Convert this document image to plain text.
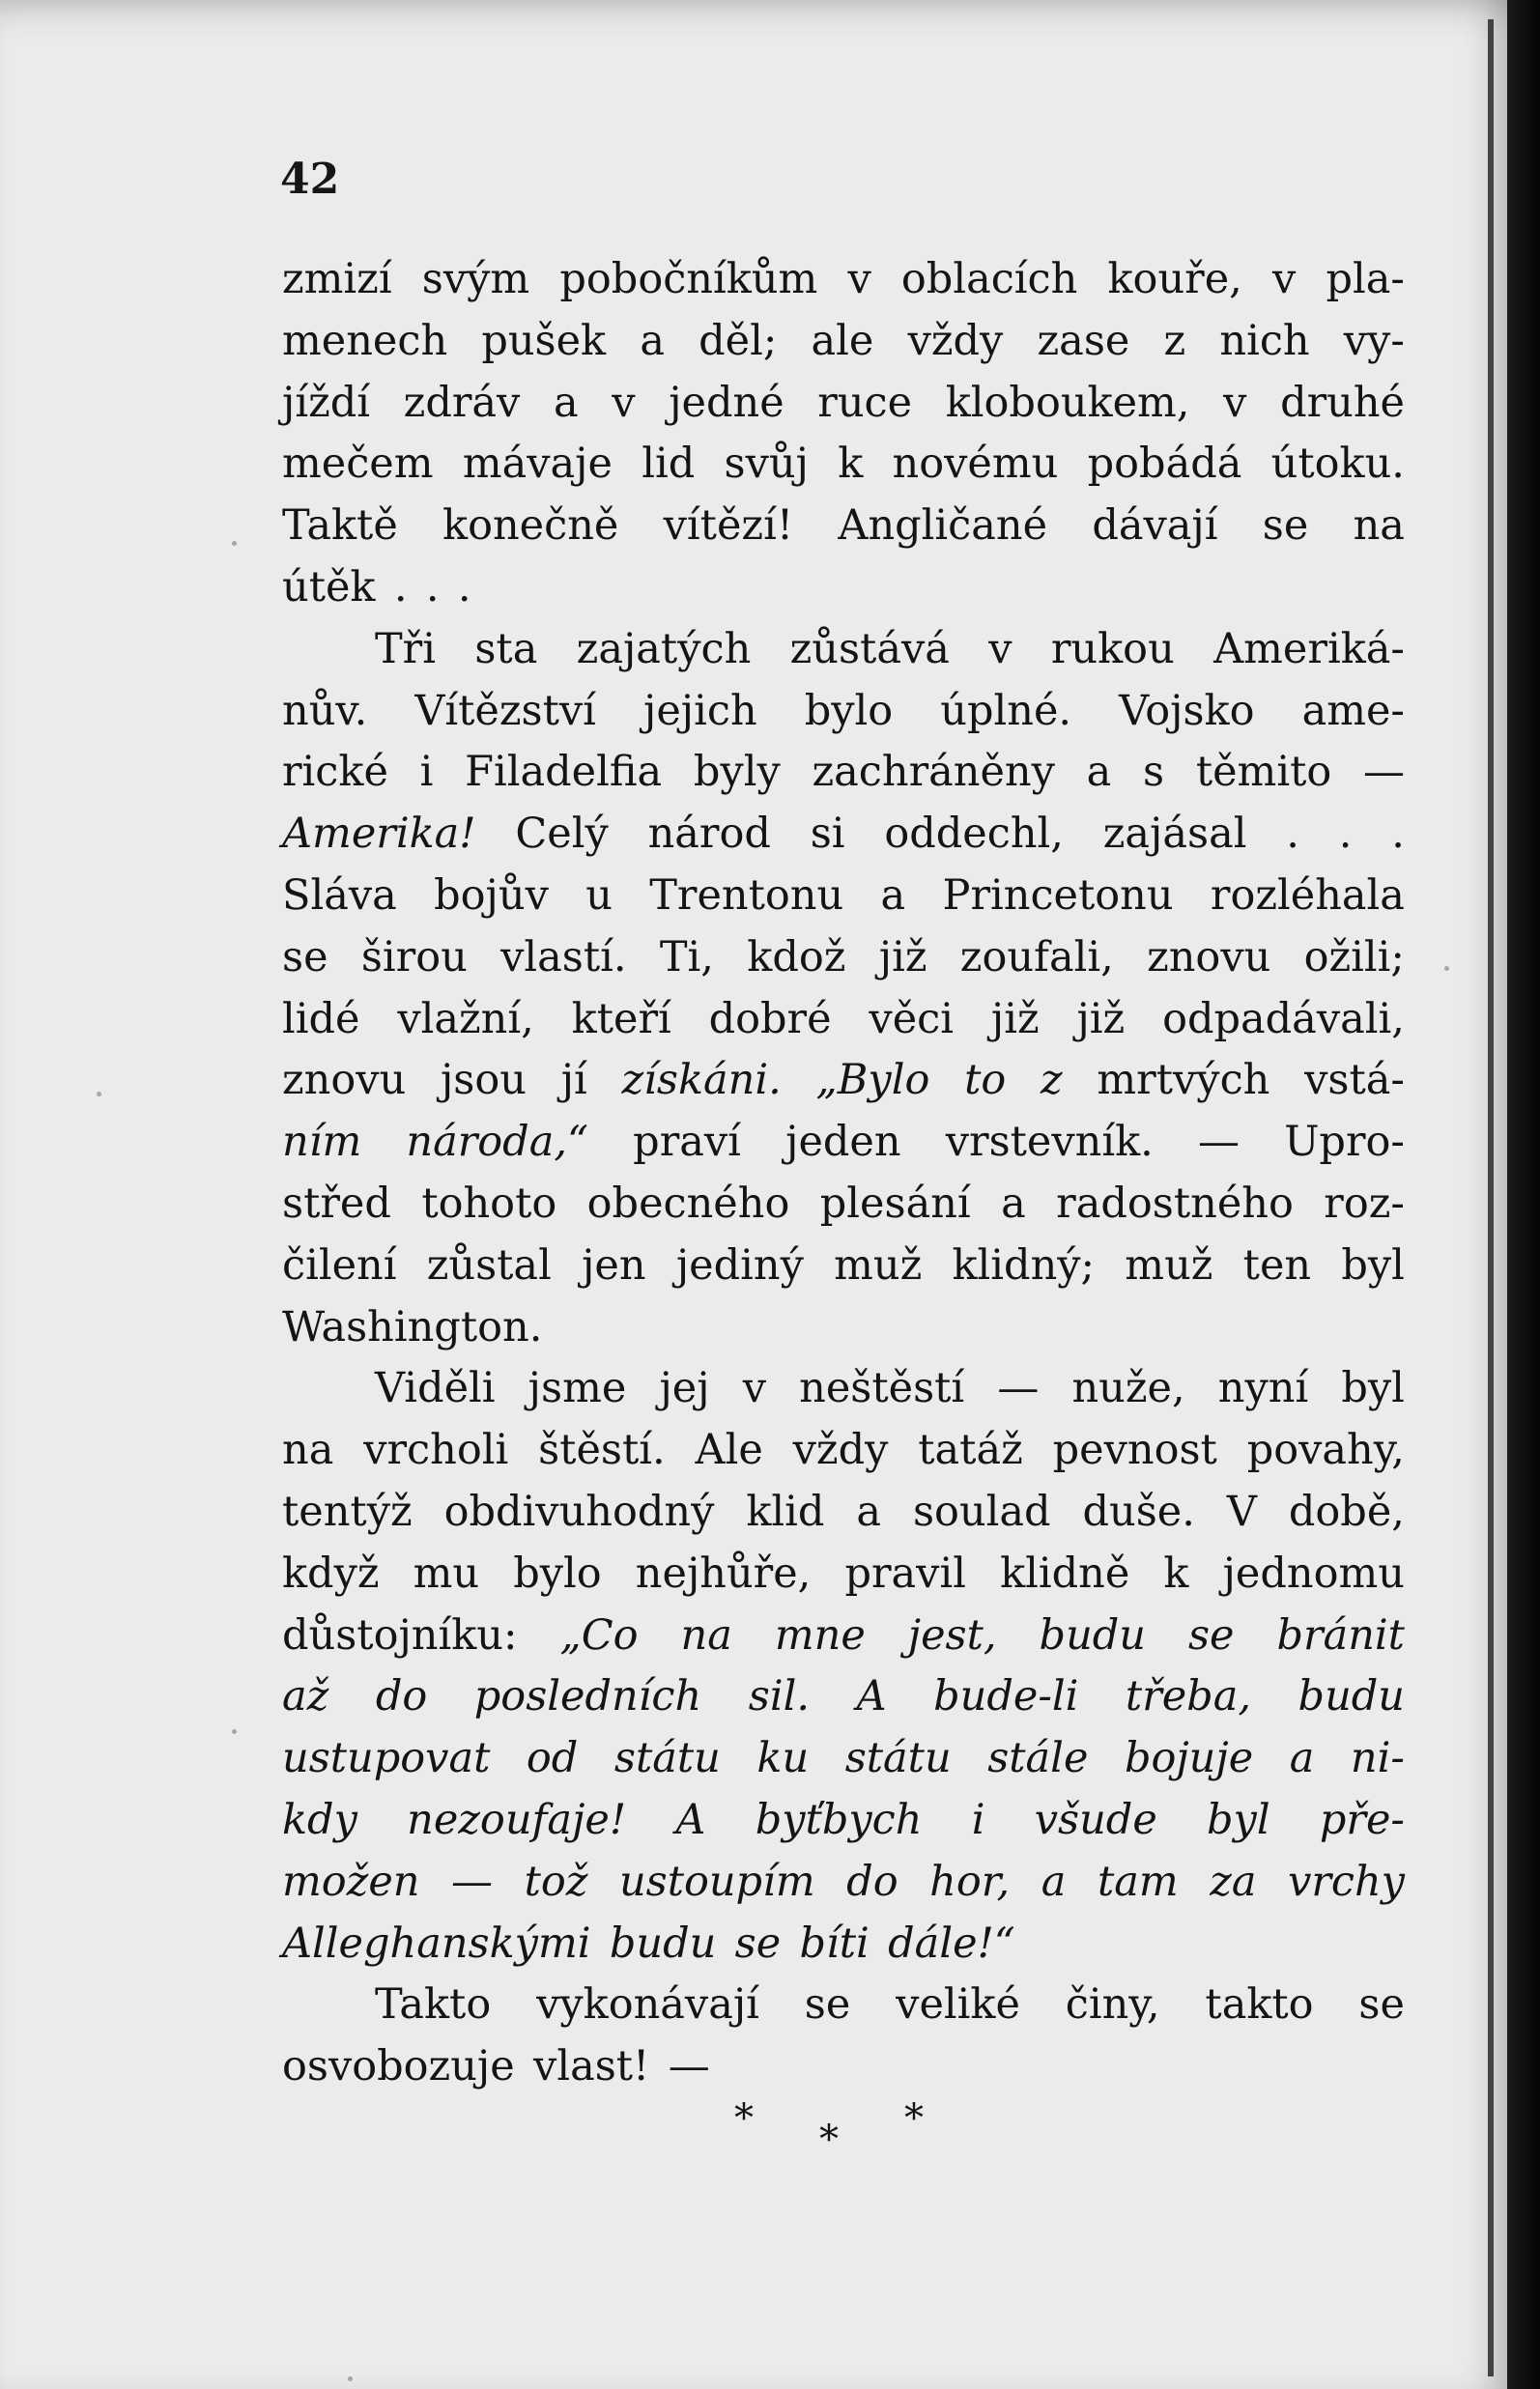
42
zmizí svým pobočníkům v oblacích kouře, v pla-
menech pušek a děl; ale vždy zase z nich vy-
jíždí zdráv a v jedné ruce kloboukem, v druhé
mečem mávaje lid svůj k novému pobádá útoku.
Taktě konečně vítězí! Angličané dávají se na
útěk . . .
Tři sta zajatých zůstává v rukou Ameriká-
nův. Vítězství jejich bylo úplné. Vojsko ame-
rické i Filadelfia byly zachráněny a s těmito —
Amerika! Celý národ si oddechl, zajásal . . .
Sláva bojův u Trentonu a Princetonu rozléhala
se širou vlastí. Ti, kdož již zoufali, znovu ožili;
lidé vlažní, kteří dobré věci již již odpadávali,
znovu jsou jí získáni. „Bylo to z mrtvých vstá-
ním národa,“ praví jeden vrstevník. — Upro-
střed tohoto obecného plesání a radostného roz-
čilení zůstal jen jediný muž klidný; muž ten byl
Washington.
Viděli jsme jej v neštěstí — nuže, nyní byl
na vrcholi štěstí. Ale vždy tatáž pevnost povahy,
tentýž obdivuhodný klid a soulad duše. V době,
když mu bylo nejhůře, pravil klidně k jednomu
důstojníku: „Co na mne jest, budu se bránit
až do posledních sil. A bude-li třeba, budu
ustupovat od státu ku státu stále bojuje a ni-
kdy nezoufaje! A byťbych i všude byl pře-
možen — tož ustoupím do hor, a tam za vrchy
Alleghanskými budu se bíti dále!“
Takto vykonávají se veliké činy, takto se
osvobozuje vlast! —
* * *
